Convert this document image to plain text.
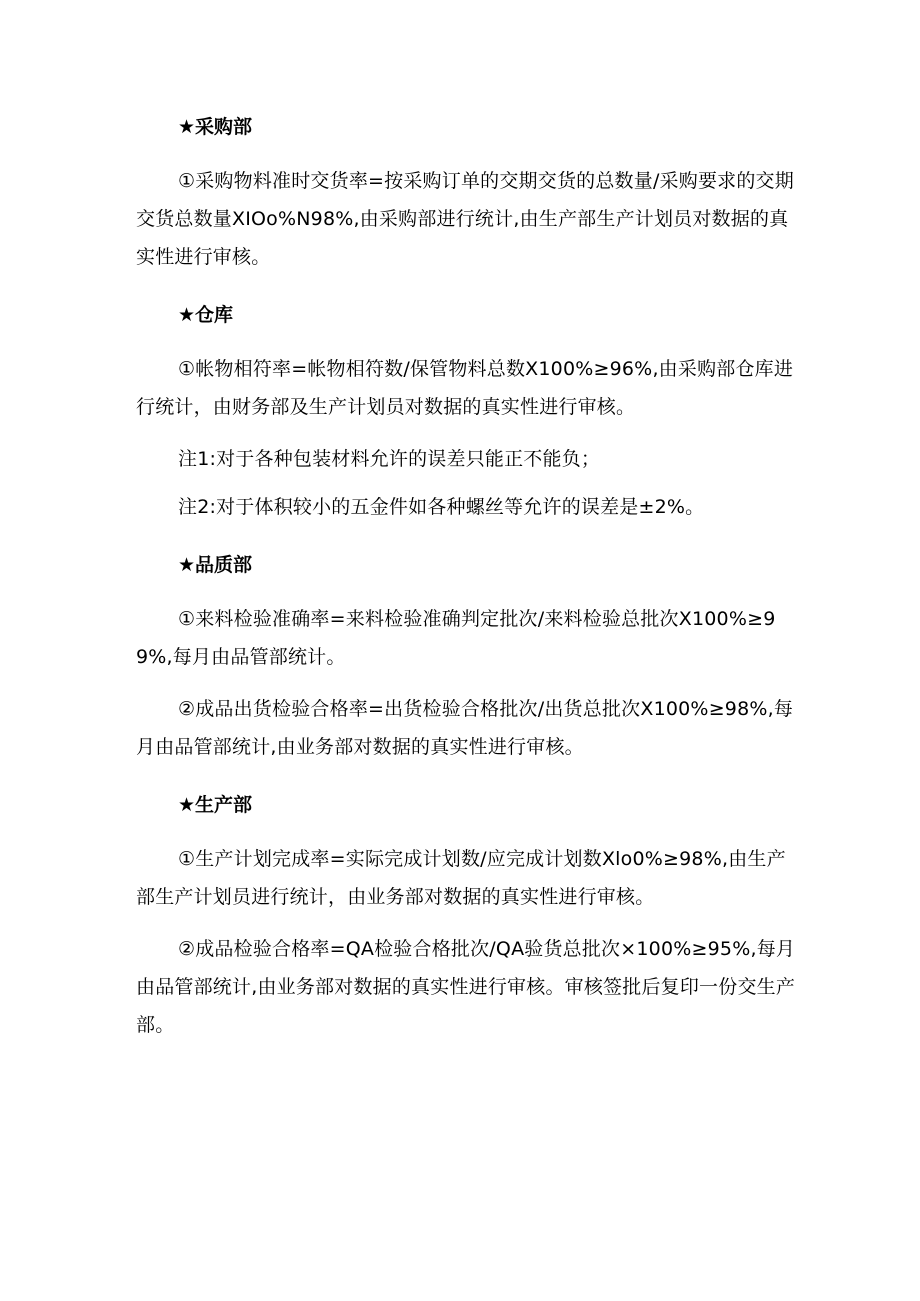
★采购部

①采购物料准时交货率=按采购订单的交期交货的总数量/采购要求的交期交货总数量XIOo%N98%,由采购部进行统计,由生产部生产计划员对数据的真实性进行审核。

★仓库

①帐物相符率=帐物相符数/保管物料总数X100%≥96%,由采购部仓库进行统计，由财务部及生产计划员对数据的真实性进行审核。

注1:对于各种包装材料允许的误差只能正不能负；

注2:对于体积较小的五金件如各种螺丝等允许的误差是±2%。

★品质部

①来料检验准确率=来料检验准确判定批次/来料检验总批次X100%≥99%,每月由品管部统计。

②成品出货检验合格率=出货检验合格批次/出货总批次X100%≥98%,每月由品管部统计,由业务部对数据的真实性进行审核。

★生产部

①生产计划完成率=实际完成计划数/应完成计划数Xlo0%≥98%,由生产部生产计划员进行统计，由业务部对数据的真实性进行审核。

②成品检验合格率=QA检验合格批次/QA验货总批次×100%≥95%,每月由品管部统计,由业务部对数据的真实性进行审核。审核签批后复印一份交生产部。
